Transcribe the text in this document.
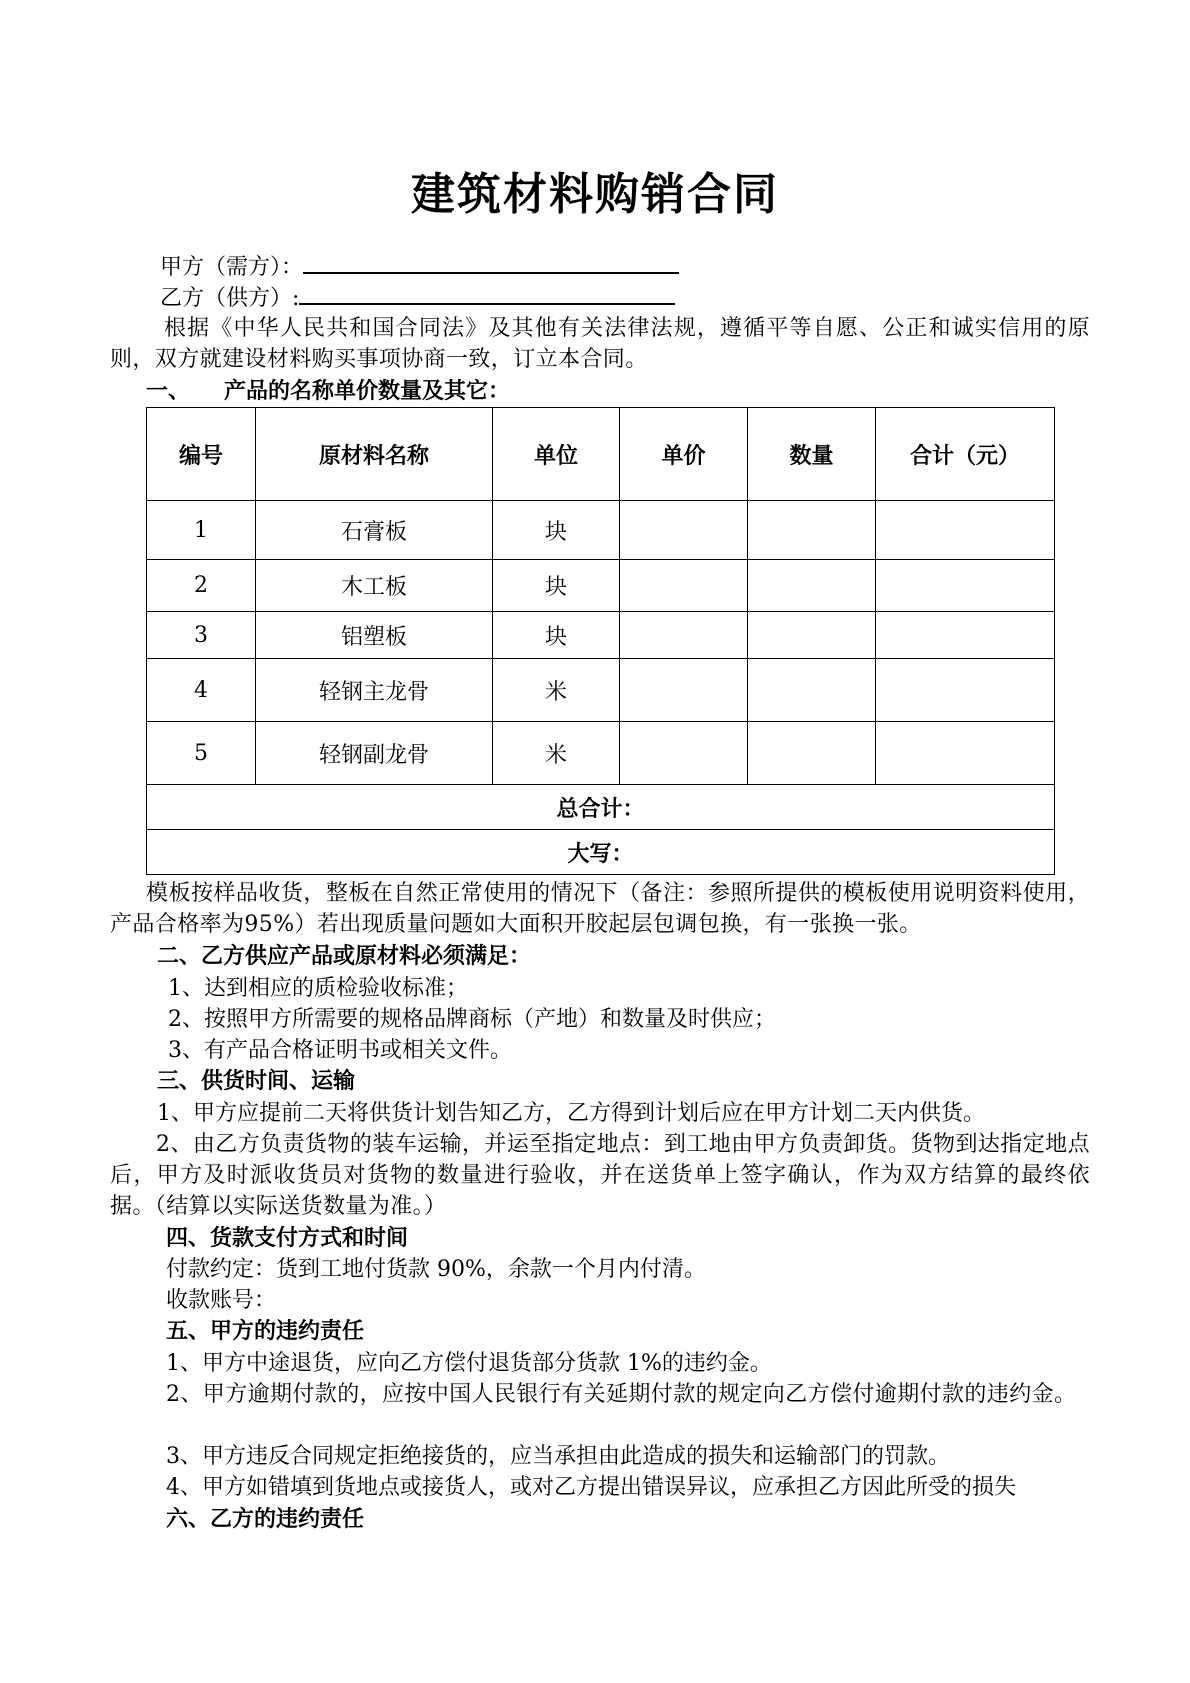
建筑材料购销合同
甲方（需方）：
乙方（供方）:
根据《中华人民共和国合同法》及其他有关法律法规，遵循平等自愿、公正和诚实信用的原则，双方就建设材料购买事项协商一致，订立本合同。
一、 产品的名称单价数量及其它：
编号	原材料名称	单位	单价	数量	合计（元）
1	石膏板	块			
2	木工板	块			
3	铝塑板	块			
4	轻钢主龙骨	米			
5	轻钢副龙骨	米			
总合计：					
大写：					
模板按样品收货，整板在自然正常使用的情况下（备注：参照所提供的模板使用说明资料使用，产品合格率为95%）若出现质量问题如大面积开胶起层包调包换，有一张换一张。
二、乙方供应产品或原材料必须满足：
1、达到相应的质检验收标准；
2、按照甲方所需要的规格品牌商标（产地）和数量及时供应；
3、有产品合格证明书或相关文件。
三、供货时间、运输
1、甲方应提前二天将供货计划告知乙方，乙方得到计划后应在甲方计划二天内供货。
2、由乙方负责货物的装车运输，并运至指定地点：到工地由甲方负责卸货。货物到达指定地点后，甲方及时派收货员对货物的数量进行验收，并在送货单上签字确认，作为双方结算的最终依据。（结算以实际送货数量为准。）
四、货款支付方式和时间
付款约定：货到工地付货款 90%，余款一个月内付清。
收款账号：
五、甲方的违约责任
1、甲方中途退货，应向乙方偿付退货部分货款 1%的违约金。
2、甲方逾期付款的，应按中国人民银行有关延期付款的规定向乙方偿付逾期付款的违约金。
3、甲方违反合同规定拒绝接货的，应当承担由此造成的损失和运输部门的罚款。
4、甲方如错填到货地点或接货人，或对乙方提出错误异议，应承担乙方因此所受的损失
六、乙方的违约责任
